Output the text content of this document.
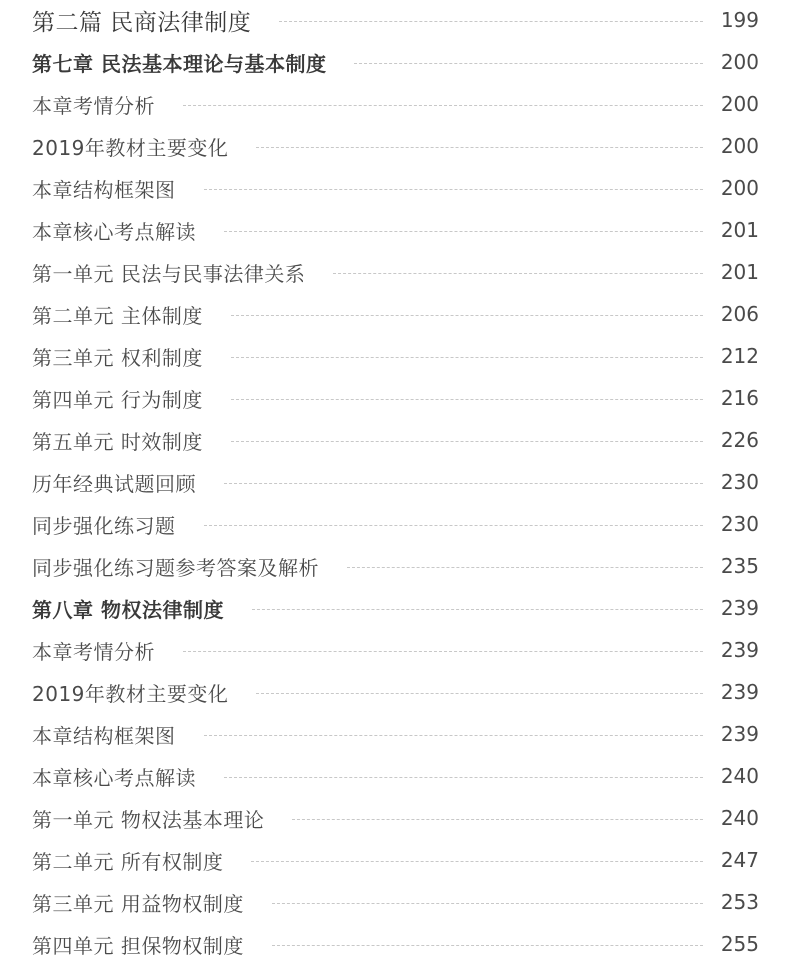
第二篇 民商法律制度	199
第七章 民法基本理论与基本制度	200
本章考情分析	200
2019年教材主要变化	200
本章结构框架图	200
本章核心考点解读	201
第一单元 民法与民事法律关系	201
第二单元 主体制度	206
第三单元 权利制度	212
第四单元 行为制度	216
第五单元 时效制度	226
历年经典试题回顾	230
同步强化练习题	230
同步强化练习题参考答案及解析	235
第八章 物权法律制度	239
本章考情分析	239
2019年教材主要变化	239
本章结构框架图	239
本章核心考点解读	240
第一单元 物权法基本理论	240
第二单元 所有权制度	247
第三单元 用益物权制度	253
第四单元 担保物权制度	255
